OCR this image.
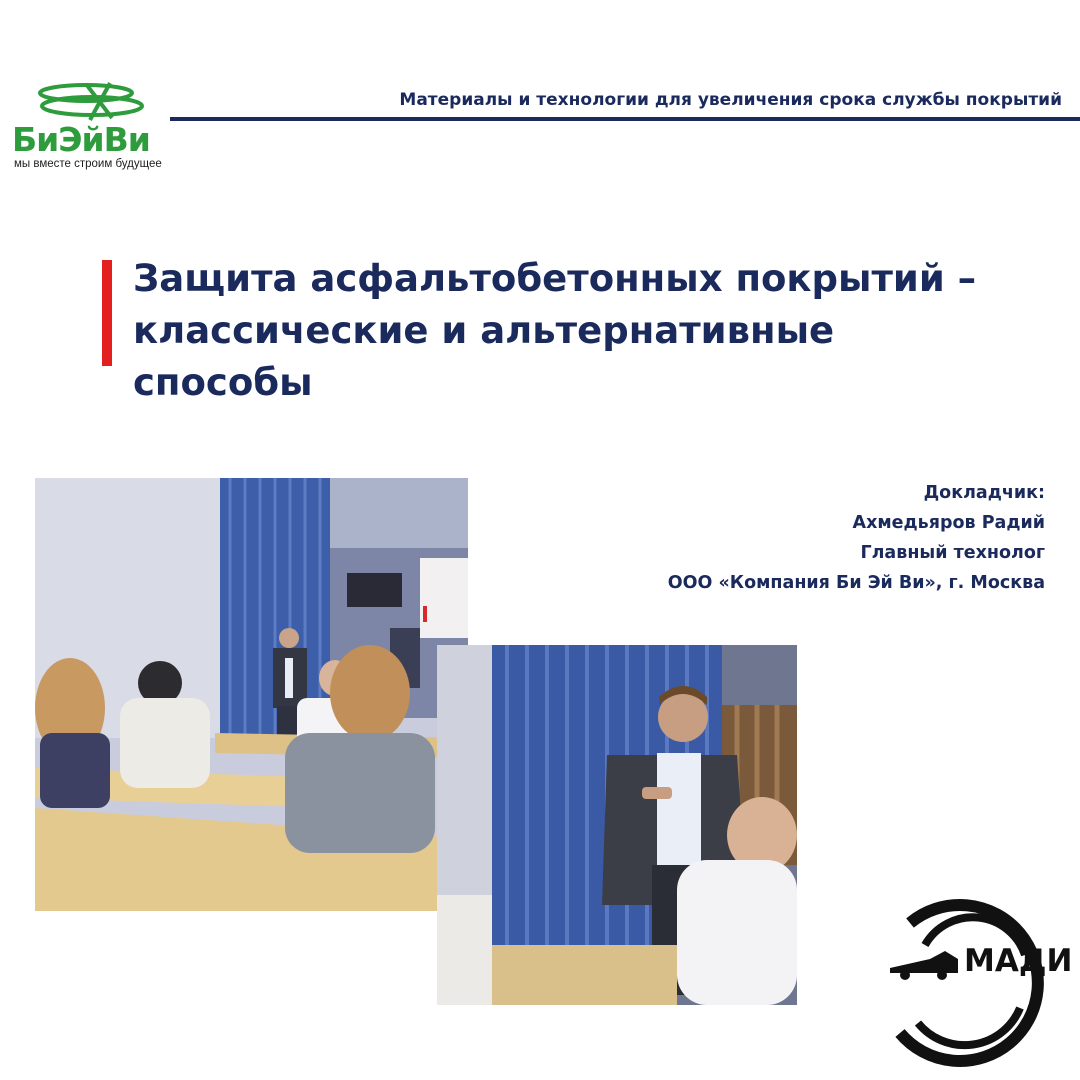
БиЭйВи
мы вместе строим будущее
Материалы и технологии для увеличения срока службы покрытий
Защита асфальтобетонных покрытий –
классические и альтернативные
способы
Докладчик:
Ахмедьяров Радий
Главный технолог
ООО «Компания Би Эй Ви», г. Москва
МАДИ
